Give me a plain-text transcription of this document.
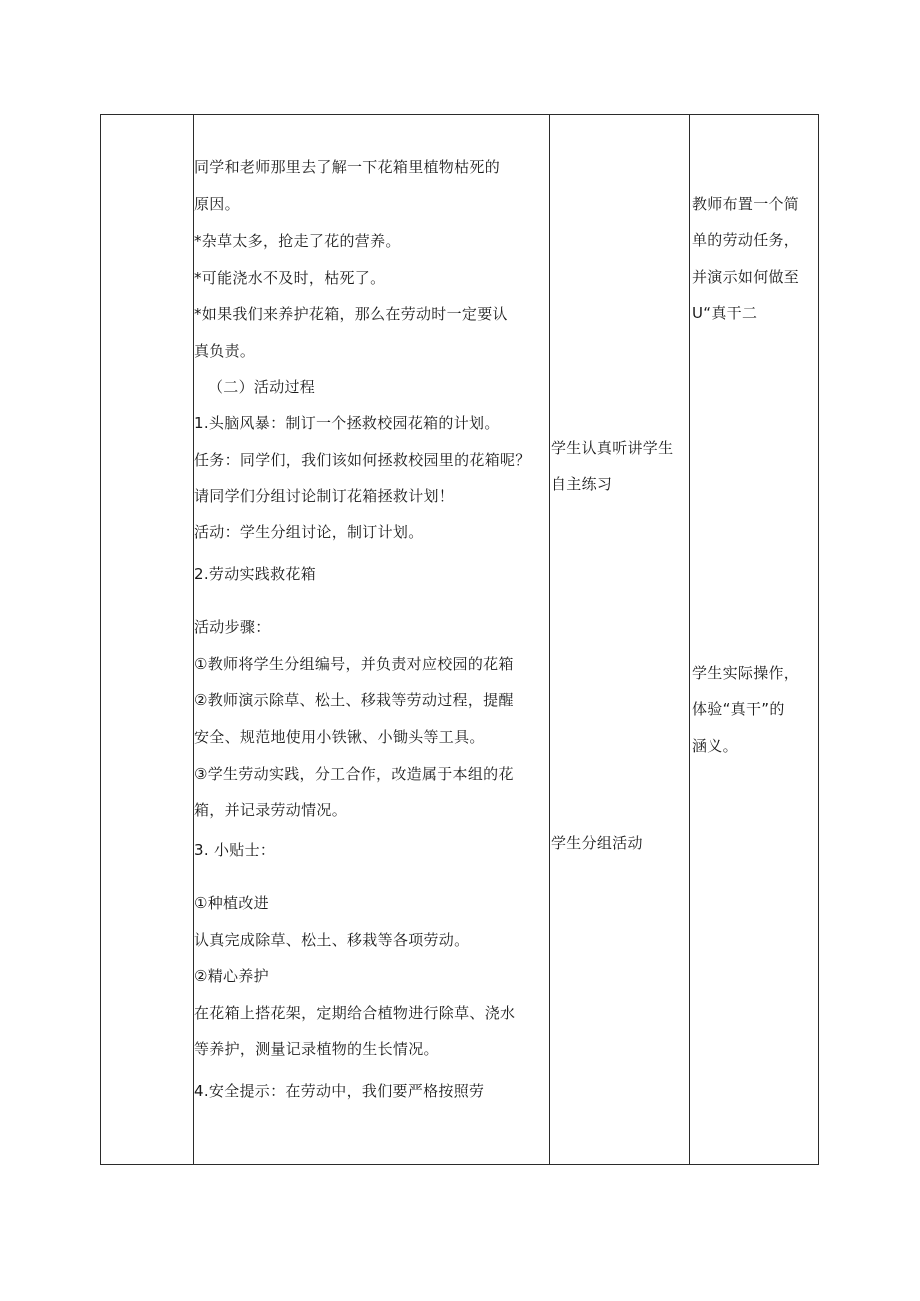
同学和老师那里去了解一下花箱里植物枯死的

原因。

*杂草太多，抢走了花的营养。

*可能浇水不及时，枯死了。

*如果我们来养护花箱，那么在劳动时一定要认

真负责。

（二）活动过程

1.头脑风暴：制订一个拯救校园花箱的计划。

任务：同学们，我们该如何拯救校园里的花箱呢？

请同学们分组讨论制订花箱拯救计划！

活动：学生分组讨论，制订计划。

2.劳动实践救花箱

活动步骤：

①教师将学生分组编号，并负责对应校园的花箱

②教师演示除草、松土、移栽等劳动过程，提醒

安全、规范地使用小铁锹、小锄头等工具。

③学生劳动实践，分工合作，改造属于本组的花

箱，并记录劳动情况。

3. 小贴士：

①种植改进

认真完成除草、松土、移栽等各项劳动。

②精心养护

在花箱上搭花架，定期给合植物进行除草、浇水

等养护，测量记录植物的生长情况。

4.安全提示：在劳动中，我们要严格按照劳

学生认真听讲学生

自主练习

学生分组活动

教师布置一个简

单的劳动任务，

并演示如何做至

U“真干二

学生实际操作，

体验“真干”的

涵义。
